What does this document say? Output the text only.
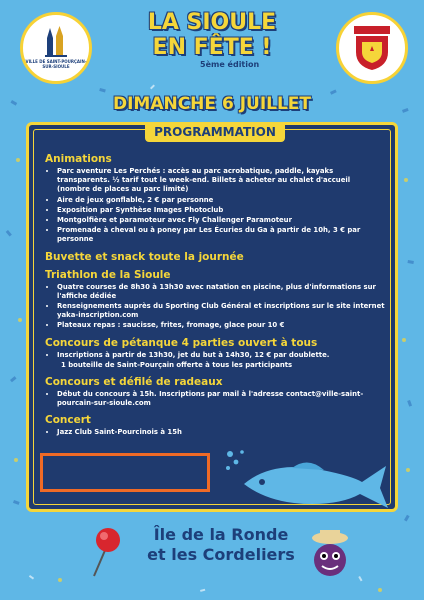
VILLE DE SAINT-POURÇAIN-SUR-SIOULE
LA SIOULE
EN FÊTE !
5ème édition
DIMANCHE 6 JUILLET
PROGRAMMATION
Animations
• Parc aventure Les Perchés : accès au parc acrobatique, paddle, kayaks transparents. ½ tarif tout le week-end. Billets à acheter au chalet d'accueil (nombre de places au parc limité)
• Aire de jeux gonflable, 2 € par personne
• Exposition par Synthèse Images Photoclub
• Montgolfière et paramoteur avec Fly Challenger Paramoteur
• Promenade à cheval ou à poney par Les Écuries du Ga à partir de 10h, 3 € par personne
Buvette et snack toute la journée
Triathlon de la Sioule
• Quatre courses de 8h30 à 13h30 avec natation en piscine, plus d'informations sur l'affiche dédiée
• Renseignements auprès du Sporting Club Général et inscriptions sur le site internet yaka-inscription.com
• Plateaux repas : saucisse, frites, fromage, glace pour 10 €
Concours de pétanque 4 parties ouvert à tous
• Inscriptions à partir de 13h30, jet du but à 14h30, 12 € par doublette.
1 bouteille de Saint-Pourçain offerte à tous les participants
Concours et défilé de radeaux
• Début du concours à 15h. Inscriptions par mail à l'adresse contact@ville-saint-pourcain-sur-sioule.com
Concert
• Jazz Club Saint-Pourcinois à 15h
Île de la Ronde
et les Cordeliers
